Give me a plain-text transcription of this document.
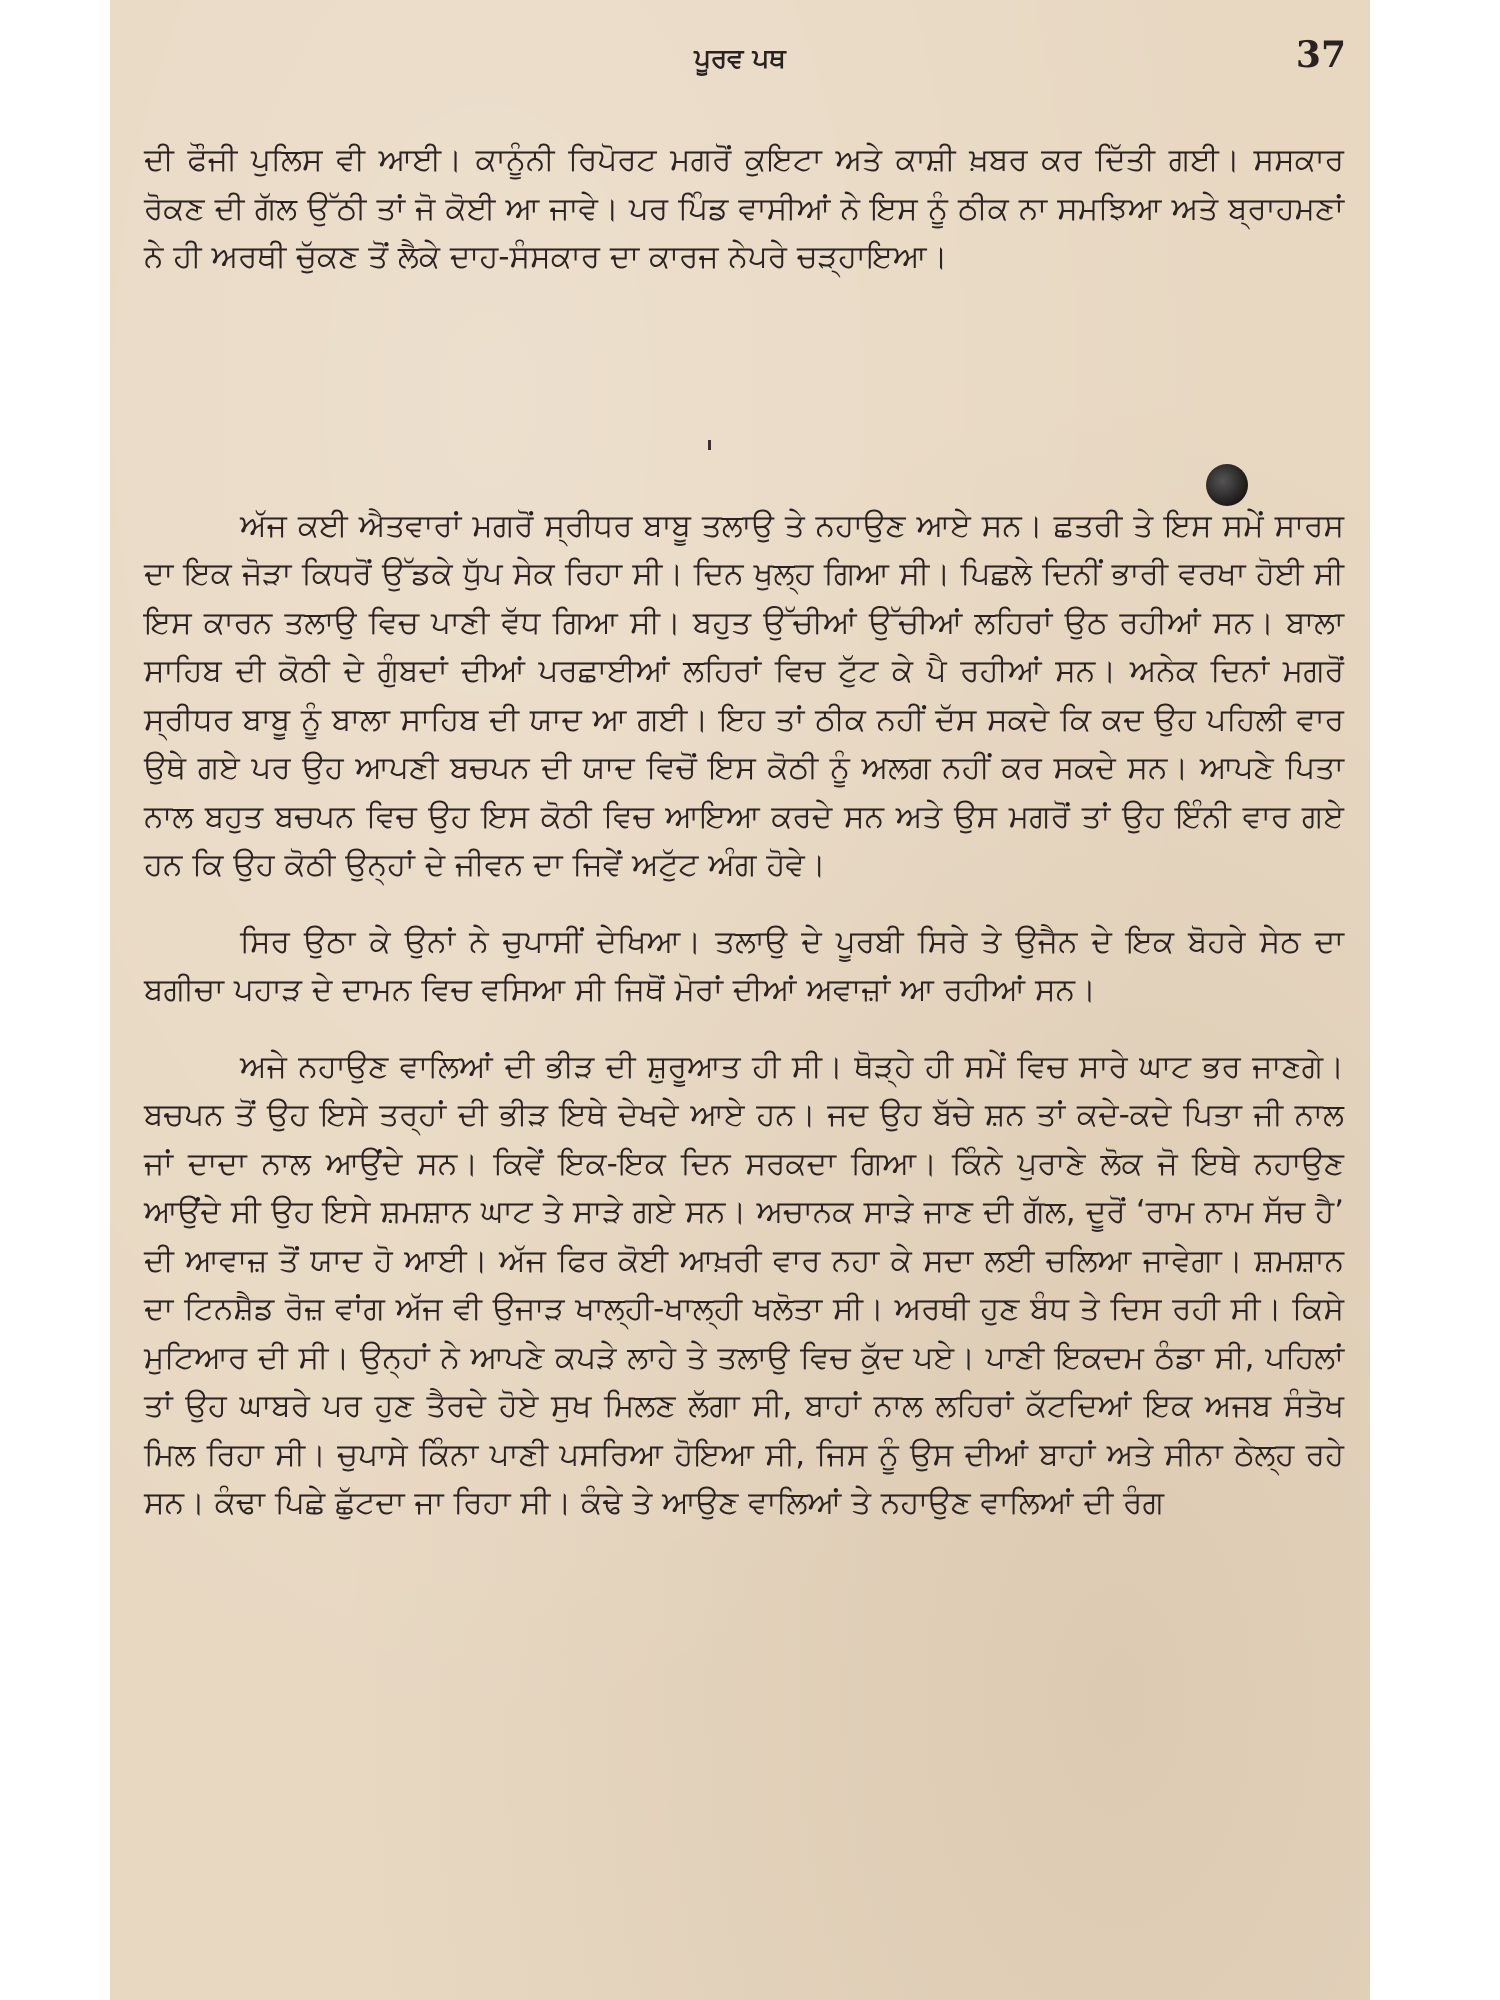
ਪੂਰਵ ਪਥ	37

ਦੀ ਫੌਜੀ ਪੁਲਿਸ ਵੀ ਆਈ। ਕਾਨੂੰਨੀ ਰਿਪੋਰਟ ਮਗਰੋਂ ਕੁਇਟਾ ਅਤੇ ਕਾਸ਼ੀ ਖ਼ਬਰ ਕਰ ਦਿੱਤੀ ਗਈ। ਸਸਕਾਰ ਰੋਕਣ ਦੀ ਗੱਲ ਉੱਠੀ ਤਾਂ ਜੋ ਕੋਈ ਆ ਜਾਵੇ। ਪਰ ਪਿੰਡ ਵਾਸੀਆਂ ਨੇ ਇਸ ਨੂੰ ਠੀਕ ਨਾ ਸਮਝਿਆ ਅਤੇ ਬ੍ਰਾਹਮਣਾਂ ਨੇ ਹੀ ਅਰਥੀ ਚੁੱਕਣ ਤੋਂ ਲੈਕੇ ਦਾਹ-ਸੰਸਕਾਰ ਦਾ ਕਾਰਜ ਨੇਪਰੇ ਚੜ੍ਹਾਇਆ।

ਅੱਜ ਕਈ ਐਤਵਾਰਾਂ ਮਗਰੋਂ ਸ੍ਰੀਧਰ ਬਾਬੂ ਤਲਾਉ ਤੇ ਨਹਾਉਣ ਆਏ ਸਨ। ਛਤਰੀ ਤੇ ਇਸ ਸਮੇਂ ਸਾਰਸ ਦਾ ਇਕ ਜੋੜਾ ਕਿਧਰੋਂ ਉੱਡਕੇ ਧੁੱਪ ਸੇਕ ਰਿਹਾ ਸੀ। ਦਿਨ ਖੁਲ੍ਹ ਗਿਆ ਸੀ। ਪਿਛਲੇ ਦਿਨੀਂ ਭਾਰੀ ਵਰਖਾ ਹੋਈ ਸੀ ਇਸ ਕਾਰਨ ਤਲਾਉ ਵਿਚ ਪਾਣੀ ਵੱਧ ਗਿਆ ਸੀ। ਬਹੁਤ ਉੱਚੀਆਂ ਉੱਚੀਆਂ ਲਹਿਰਾਂ ਉਠ ਰਹੀਆਂ ਸਨ। ਬਾਲਾ ਸਾਹਿਬ ਦੀ ਕੋਠੀ ਦੇ ਗੁੰਬਦਾਂ ਦੀਆਂ ਪਰਛਾਈਆਂ ਲਹਿਰਾਂ ਵਿਚ ਟੁੱਟ ਕੇ ਪੈ ਰਹੀਆਂ ਸਨ। ਅਨੇਕ ਦਿਨਾਂ ਮਗਰੋਂ ਸ੍ਰੀਧਰ ਬਾਬੂ ਨੂੰ ਬਾਲਾ ਸਾਹਿਬ ਦੀ ਯਾਦ ਆ ਗਈ। ਇਹ ਤਾਂ ਠੀਕ ਨਹੀਂ ਦੱਸ ਸਕਦੇ ਕਿ ਕਦ ਉਹ ਪਹਿਲੀ ਵਾਰ ਉਥੇ ਗਏ ਪਰ ਉਹ ਆਪਣੀ ਬਚਪਨ ਦੀ ਯਾਦ ਵਿਚੋਂ ਇਸ ਕੋਠੀ ਨੂੰ ਅਲਗ ਨਹੀਂ ਕਰ ਸਕਦੇ ਸਨ। ਆਪਣੇ ਪਿਤਾ ਨਾਲ ਬਹੁਤ ਬਚਪਨ ਵਿਚ ਉਹ ਇਸ ਕੋਠੀ ਵਿਚ ਆਇਆ ਕਰਦੇ ਸਨ ਅਤੇ ਉਸ ਮਗਰੋਂ ਤਾਂ ਉਹ ਇੰਨੀ ਵਾਰ ਗਏ ਹਨ ਕਿ ਉਹ ਕੋਠੀ ਉਨ੍ਹਾਂ ਦੇ ਜੀਵਨ ਦਾ ਜਿਵੇਂ ਅਟੁੱਟ ਅੰਗ ਹੋਵੇ।

ਸਿਰ ਉਠਾ ਕੇ ਉਨਾਂ ਨੇ ਚੁਪਾਸੀਂ ਦੇਖਿਆ। ਤਲਾਉ ਦੇ ਪੂਰਬੀ ਸਿਰੇ ਤੇ ਉਜੈਨ ਦੇ ਇਕ ਬੋਹਰੇ ਸੇਠ ਦਾ ਬਗੀਚਾ ਪਹਾੜ ਦੇ ਦਾਮਨ ਵਿਚ ਵਸਿਆ ਸੀ ਜਿਥੋਂ ਮੋਰਾਂ ਦੀਆਂ ਅਵਾਜ਼ਾਂ ਆ ਰਹੀਆਂ ਸਨ।

ਅਜੇ ਨਹਾਉਣ ਵਾਲਿਆਂ ਦੀ ਭੀੜ ਦੀ ਸ਼ੁਰੂਆਤ ਹੀ ਸੀ। ਥੋੜ੍ਹੇ ਹੀ ਸਮੇਂ ਵਿਚ ਸਾਰੇ ਘਾਟ ਭਰ ਜਾਣਗੇ। ਬਚਪਨ ਤੋਂ ਉਹ ਇਸੇ ਤਰ੍ਹਾਂ ਦੀ ਭੀੜ ਇਥੇ ਦੇਖਦੇ ਆਏ ਹਨ। ਜਦ ਉਹ ਬੱਚੇ ਸ਼ਨ ਤਾਂ ਕਦੇ-ਕਦੇ ਪਿਤਾ ਜੀ ਨਾਲ ਜਾਂ ਦਾਦਾ ਨਾਲ ਆਉਂਦੇ ਸਨ। ਕਿਵੇਂ ਇਕ-ਇਕ ਦਿਨ ਸਰਕਦਾ ਗਿਆ। ਕਿੰਨੇ ਪੁਰਾਣੇ ਲੋਕ ਜੋ ਇਥੇ ਨਹਾਉਣ ਆਉਂਦੇ ਸੀ ਉਹ ਇਸੇ ਸ਼ਮਸ਼ਾਨ ਘਾਟ ਤੇ ਸਾੜੇ ਗਏ ਸਨ। ਅਚਾਨਕ ਸਾੜੇ ਜਾਣ ਦੀ ਗੱਲ, ਦੂਰੋਂ ‘ਰਾਮ ਨਾਮ ਸੱਚ ਹੈ’ ਦੀ ਆਵਾਜ਼ ਤੋਂ ਯਾਦ ਹੋ ਆਈ। ਅੱਜ ਫਿਰ ਕੋਈ ਆਖ਼ਰੀ ਵਾਰ ਨਹਾ ਕੇ ਸਦਾ ਲਈ ਚਲਿਆ ਜਾਵੇਗਾ। ਸ਼ਮਸ਼ਾਨ ਦਾ ਟਿਨਸ਼ੈਡ ਰੋਜ਼ ਵਾਂਗ ਅੱਜ ਵੀ ਉਜਾੜ ਖਾਲ੍ਹੀ-ਖਾਲ੍ਹੀ ਖਲੋਤਾ ਸੀ। ਅਰਥੀ ਹੁਣ ਬੰਧ ਤੇ ਦਿਸ ਰਹੀ ਸੀ। ਕਿਸੇ ਮੁਟਿਆਰ ਦੀ ਸੀ। ਉਨ੍ਹਾਂ ਨੇ ਆਪਣੇ ਕਪੜੇ ਲਾਹੇ ਤੇ ਤਲਾਉ ਵਿਚ ਕੁੱਦ ਪਏ। ਪਾਣੀ ਇਕਦਮ ਠੰਡਾ ਸੀ, ਪਹਿਲਾਂ ਤਾਂ ਉਹ ਘਾਬਰੇ ਪਰ ਹੁਣ ਤੈਰਦੇ ਹੋਏ ਸੁਖ ਮਿਲਣ ਲੱਗਾ ਸੀ, ਬਾਹਾਂ ਨਾਲ ਲਹਿਰਾਂ ਕੱਟਦਿਆਂ ਇਕ ਅਜਬ ਸੰਤੋਖ ਮਿਲ ਰਿਹਾ ਸੀ। ਚੁਪਾਸੇ ਕਿੰਨਾ ਪਾਣੀ ਪਸਰਿਆ ਹੋਇਆ ਸੀ, ਜਿਸ ਨੂੰ ਉਸ ਦੀਆਂ ਬਾਹਾਂ ਅਤੇ ਸੀਨਾ ਠੇਲ੍ਹ ਰਹੇ ਸਨ। ਕੰਢਾ ਪਿਛੇ ਛੁੱਟਦਾ ਜਾ ਰਿਹਾ ਸੀ। ਕੰਢੇ ਤੇ ਆਉਣ ਵਾਲਿਆਂ ਤੇ ਨਹਾਉਣ ਵਾਲਿਆਂ ਦੀ ਰੰਗ
